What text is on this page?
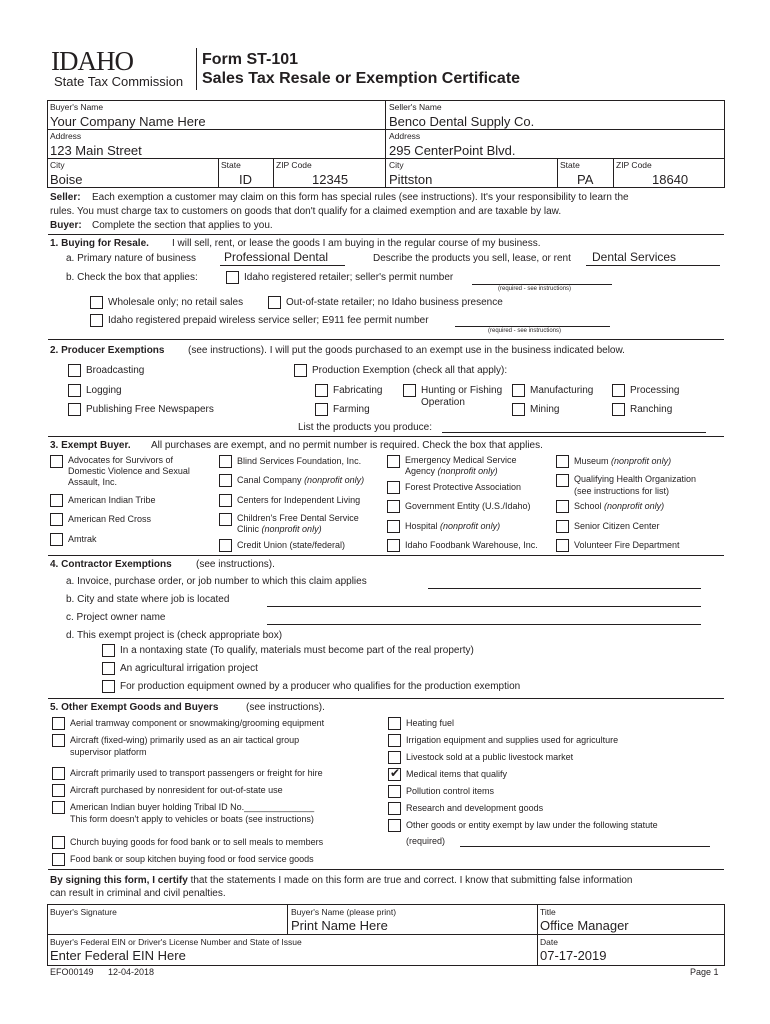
IDAHO
State Tax Commission
Form ST-101
Sales Tax Resale or Exemption Certificate
Buyer's Name
Your Company Name Here
Address
123 Main Street
City
Boise
State
ID
ZIP Code
12345
Seller's Name
Benco Dental Supply Co.
Address
295 CenterPoint Blvd.
City
Pittston
State
PA
ZIP Code
18640
Seller: Each exemption a customer may claim on this form has special rules (see instructions). It's your responsibility to learn the
rules. You must charge tax to customers on goods that don't qualify for a claimed exemption and are taxable by law.
Buyer: Complete the section that applies to you.
1. Buying for Resale. I will sell, rent, or lease the goods I am buying in the regular course of my business.
a. Primary nature of business Professional Dental	Describe the products you sell, lease, or rent Dental Services
b. Check the box that applies:	Idaho registered retailer; seller's permit number
(required - see instructions)
Wholesale only; no retail sales	Out-of-state retailer; no Idaho business presence
Idaho registered prepaid wireless service seller; E911 fee permit number
(required - see instructions)
2. Producer Exemptions (see instructions). I will put the goods purchased to an exempt use in the business indicated below.
Broadcasting
Logging
Publishing Free Newspapers
Production Exemption (check all that apply):
Fabricating	Hunting or Fishing
Operation
Manufacturing	Processing
Farming	Mining	Ranching
List the products you produce:
3. Exempt Buyer. All purchases are exempt, and no permit number is required. Check the box that applies.
Advocates for Survivors of
Domestic Violence and Sexual
Assault, Inc.
American Indian Tribe
American Red Cross
Amtrak
Blind Services Foundation, Inc.
Canal Company (nonprofit only)
Centers for Independent Living
Children's Free Dental Service
Clinic (nonprofit only)
Credit Union (state/federal)
Emergency Medical Service
Agency (nonprofit only)
Forest Protective Association
Government Entity (U.S./Idaho)
Hospital (nonprofit only)
Idaho Foodbank Warehouse, Inc.
Museum (nonprofit only)
Qualifying Health Organization
(see instructions for list)
School (nonprofit only)
Senior Citizen Center
Volunteer Fire Department
4. Contractor Exemptions (see instructions).
a. Invoice, purchase order, or job number to which this claim applies
b. City and state where job is located
c. Project owner name
d. This exempt project is (check appropriate box)
In a nontaxing state (To qualify, materials must become part of the real property)
An agricultural irrigation project
For production equipment owned by a producer who qualifies for the production exemption
5. Other Exempt Goods and Buyers	(see instructions).
Aerial tramway component or snowmaking/grooming equipment
Aircraft (fixed-wing) primarily used as an air tactical group
supervisor platform
Aircraft primarily used to transport passengers or freight for hire
Aircraft purchased by nonresident for out-of-state use
American Indian buyer holding Tribal ID No.______________
This form doesn't apply to vehicles or boats (see instructions)
Church buying goods for food bank or to sell meals to members
Food bank or soup kitchen buying food or food service goods
Heating fuel
Irrigation equipment and supplies used for agriculture
Livestock sold at a public livestock market
✔ Medical items that qualify
Pollution control items
Research and development goods
Other goods or entity exempt by law under the following statute
(required)
By signing this form, I certify that the statements I made on this form are true and correct. I know that submitting false information
can result in criminal and civil penalties.
Buyer's Signature	Buyer's Name (please print)
Print Name Here
Title
Office Manager
Buyer's Federal EIN or Driver's License Number and State of Issue
Enter Federal EIN Here
Date
07-17-2019
EFO00149 12-04-2018	Page 1
